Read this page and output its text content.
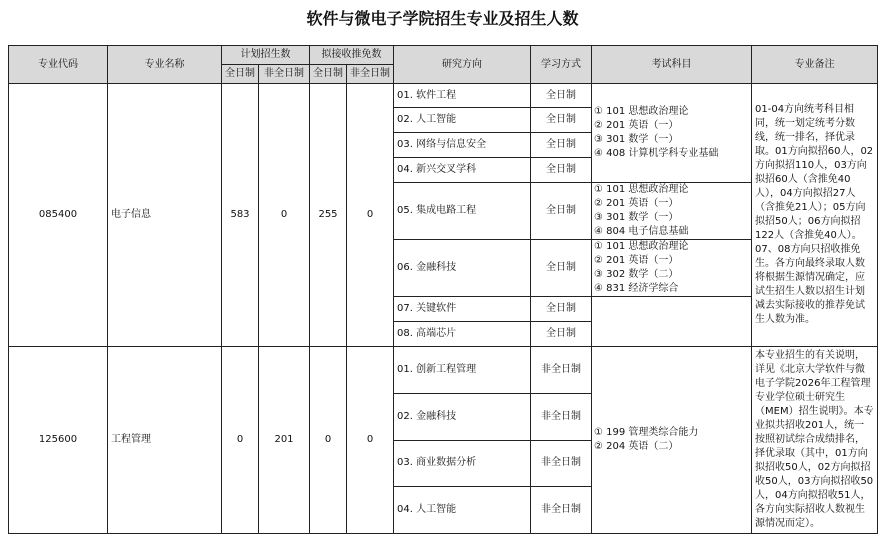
软件与微电子学院招生专业及招生人数
专业代码	专业名称	计划招生数		拟接收推免数		研究方向	学习方式	考试科目	专业备注
		全日制	非全日制	全日制	非全日制				
085400	电子信息	583	0	255	0	01. 软件工程	全日制	① 101 思想政治理论
② 201 英语（一）
③ 301 数学（一）
④ 408 计算机学科专业基础	01-04方向统考科目相同，统一划定统考分数线，统一排名，择优录取。01方向拟招60人，02方向拟招110人，03方向拟招60人（含推免40人），04方向拟招27人（含推免21人）；05方向拟招50人；06方向拟招122人（含推免40人）。07、08方向只招收推免生。各方向最终录取人数将根据生源情况确定，应试生招生人数以招生计划减去实际接收的推荐免试生人数为准。
						02. 人工智能	全日制		
						03. 网络与信息安全	全日制		
						04. 新兴交叉学科	全日制		
						05. 集成电路工程	全日制	① 101 思想政治理论
② 201 英语（一）
③ 301 数学（一）
④ 804 电子信息基础	

						06. 金融科技	全日制	① 101 思想政治理论
② 201 英语（一）
③ 302 数学（二）
④ 831 经济学综合	

						07. 关键软件	全日制		
						08. 高端芯片	全日制		
125600	工程管理	0	201	0	0	01. 创新工程管理	非全日制	① 199 管理类综合能力
② 204 英语（二）	本专业招生的有关说明，详见《北京大学软件与微电子学院2026年工程管理专业学位硕士研究生（MEM）招生说明》。本专业拟共招收201人，统一按照初试综合成绩排名，择优录取（其中，01方向拟招收50人，02方向拟招收50人，03方向拟招收50人，04方向拟招收51人，各方向实际招收人数视生源情况而定）。
						02. 金融科技	非全日制		
						03. 商业数据分析	非全日制		
						04. 人工智能	非全日制		
